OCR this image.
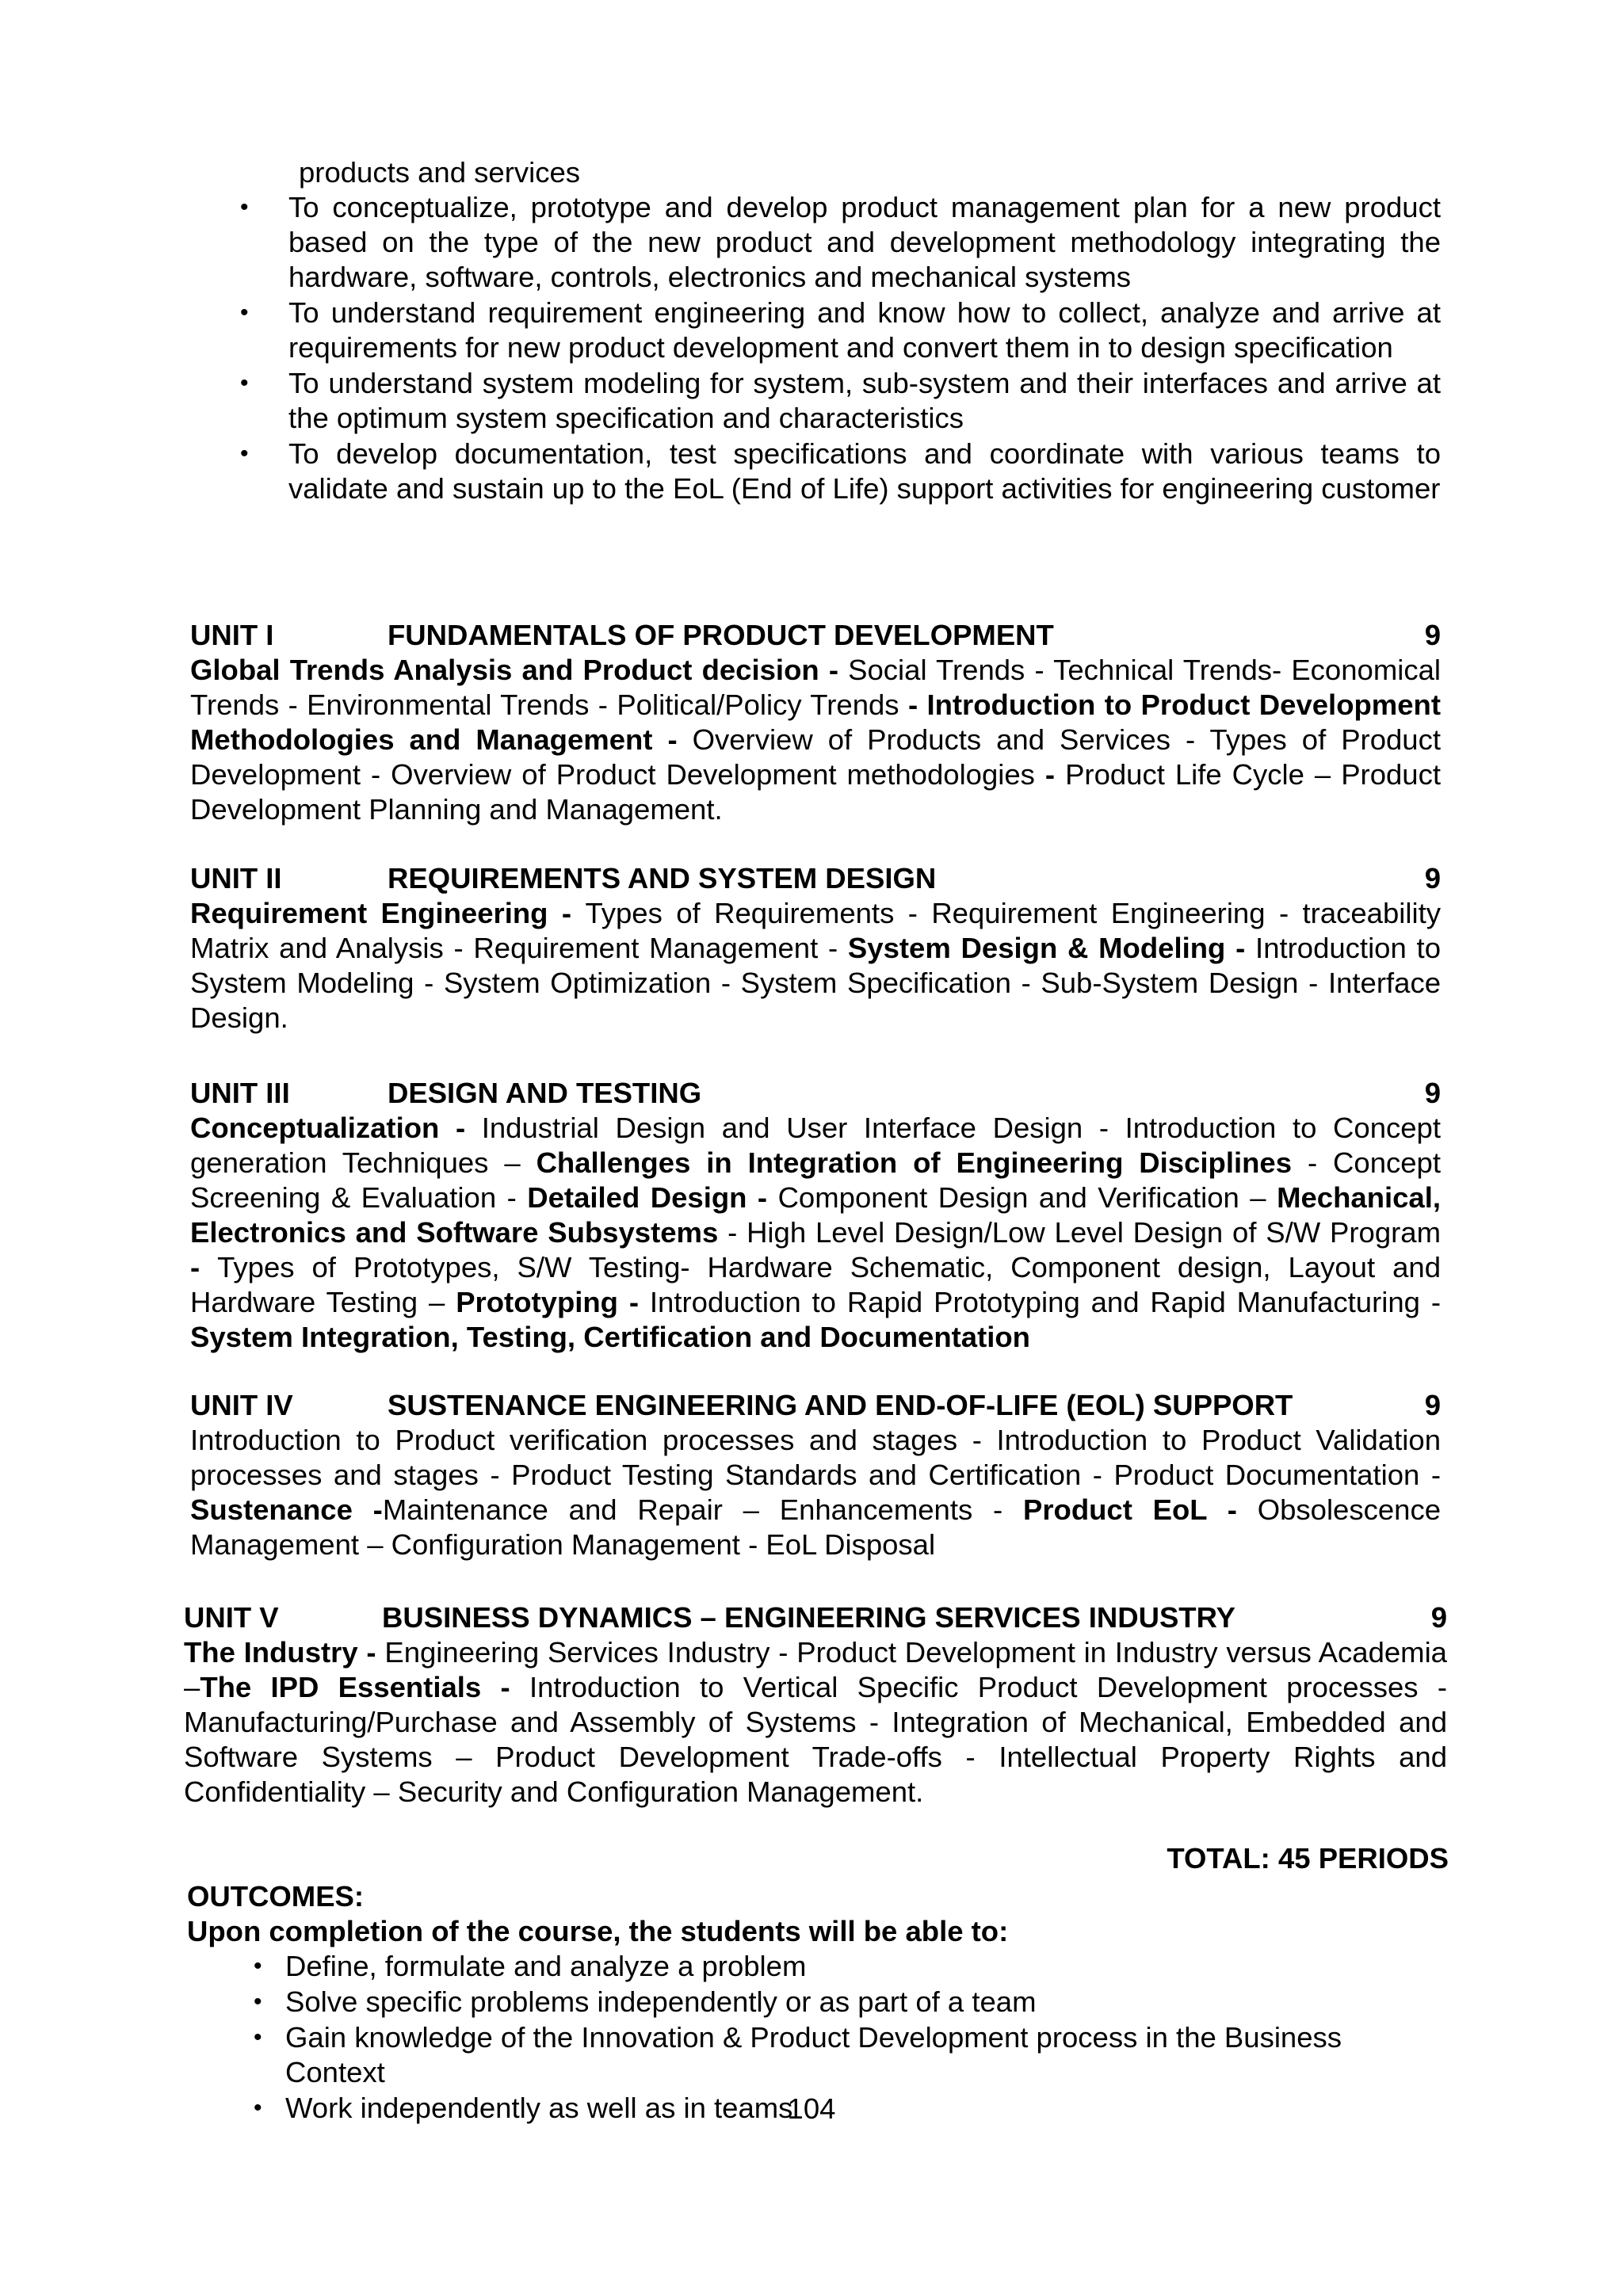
products and services
• To conceptualize, prototype and develop product management plan for a new product based on the type of the new product and development methodology integrating the hardware, software, controls, electronics and mechanical systems
• To understand requirement engineering and know how to collect, analyze and arrive at requirements for new product development and convert them in to design specification
• To understand system modeling for system, sub-system and their interfaces and arrive at the optimum system specification and characteristics
• To develop documentation, test specifications and coordinate with various teams to validate and sustain up to the EoL (End of Life) support activities for engineering customer
UNIT I	FUNDAMENTALS OF PRODUCT DEVELOPMENT	9

Global Trends Analysis and Product decision - Social Trends - Technical Trends- Economical Trends - Environmental Trends - Political/Policy Trends - Introduction to Product Development Methodologies and Management - Overview of Products and Services - Types of Product Development - Overview of Product Development methodologies - Product Life Cycle – Product Development Planning and Management.

UNIT II	REQUIREMENTS AND SYSTEM DESIGN	9

Requirement Engineering - Types of Requirements - Requirement Engineering - traceability Matrix and Analysis - Requirement Management - System Design & Modeling - Introduction to System Modeling - System Optimization - System Specification - Sub-System Design - Interface Design.

UNIT III	DESIGN AND TESTING	9

Conceptualization - Industrial Design and User Interface Design - Introduction to Concept generation Techniques – Challenges in Integration of Engineering Disciplines - Concept Screening & Evaluation - Detailed Design - Component Design and Verification – Mechanical, Electronics and Software Subsystems - High Level Design/Low Level Design of S/W Program - Types of Prototypes, S/W Testing- Hardware Schematic, Component design, Layout and Hardware Testing – Prototyping - Introduction to Rapid Prototyping and Rapid Manufacturing - System Integration, Testing, Certification and Documentation

UNIT IV	SUSTENANCE ENGINEERING AND END-OF-LIFE (EOL) SUPPORT	9

Introduction to Product verification processes and stages - Introduction to Product Validation processes and stages - Product Testing Standards and Certification - Product Documentation - Sustenance -Maintenance and Repair – Enhancements - Product EoL - Obsolescence Management – Configuration Management - EoL Disposal

UNIT V	BUSINESS DYNAMICS – ENGINEERING SERVICES INDUSTRY	9

The Industry - Engineering Services Industry - Product Development in Industry versus Academia –The IPD Essentials - Introduction to Vertical Specific Product Development processes -Manufacturing/Purchase and Assembly of Systems - Integration of Mechanical, Embedded and Software Systems – Product Development Trade-offs - Intellectual Property Rights and Confidentiality – Security and Configuration Management.

TOTAL: 45 PERIODS
OUTCOMES:
Upon completion of the course, the students will be able to:
• Define, formulate and analyze a problem
• Solve specific problems independently or as part of a team
• Gain knowledge of the Innovation & Product Development process in the Business Context
• Work independently as well as in teams
104
